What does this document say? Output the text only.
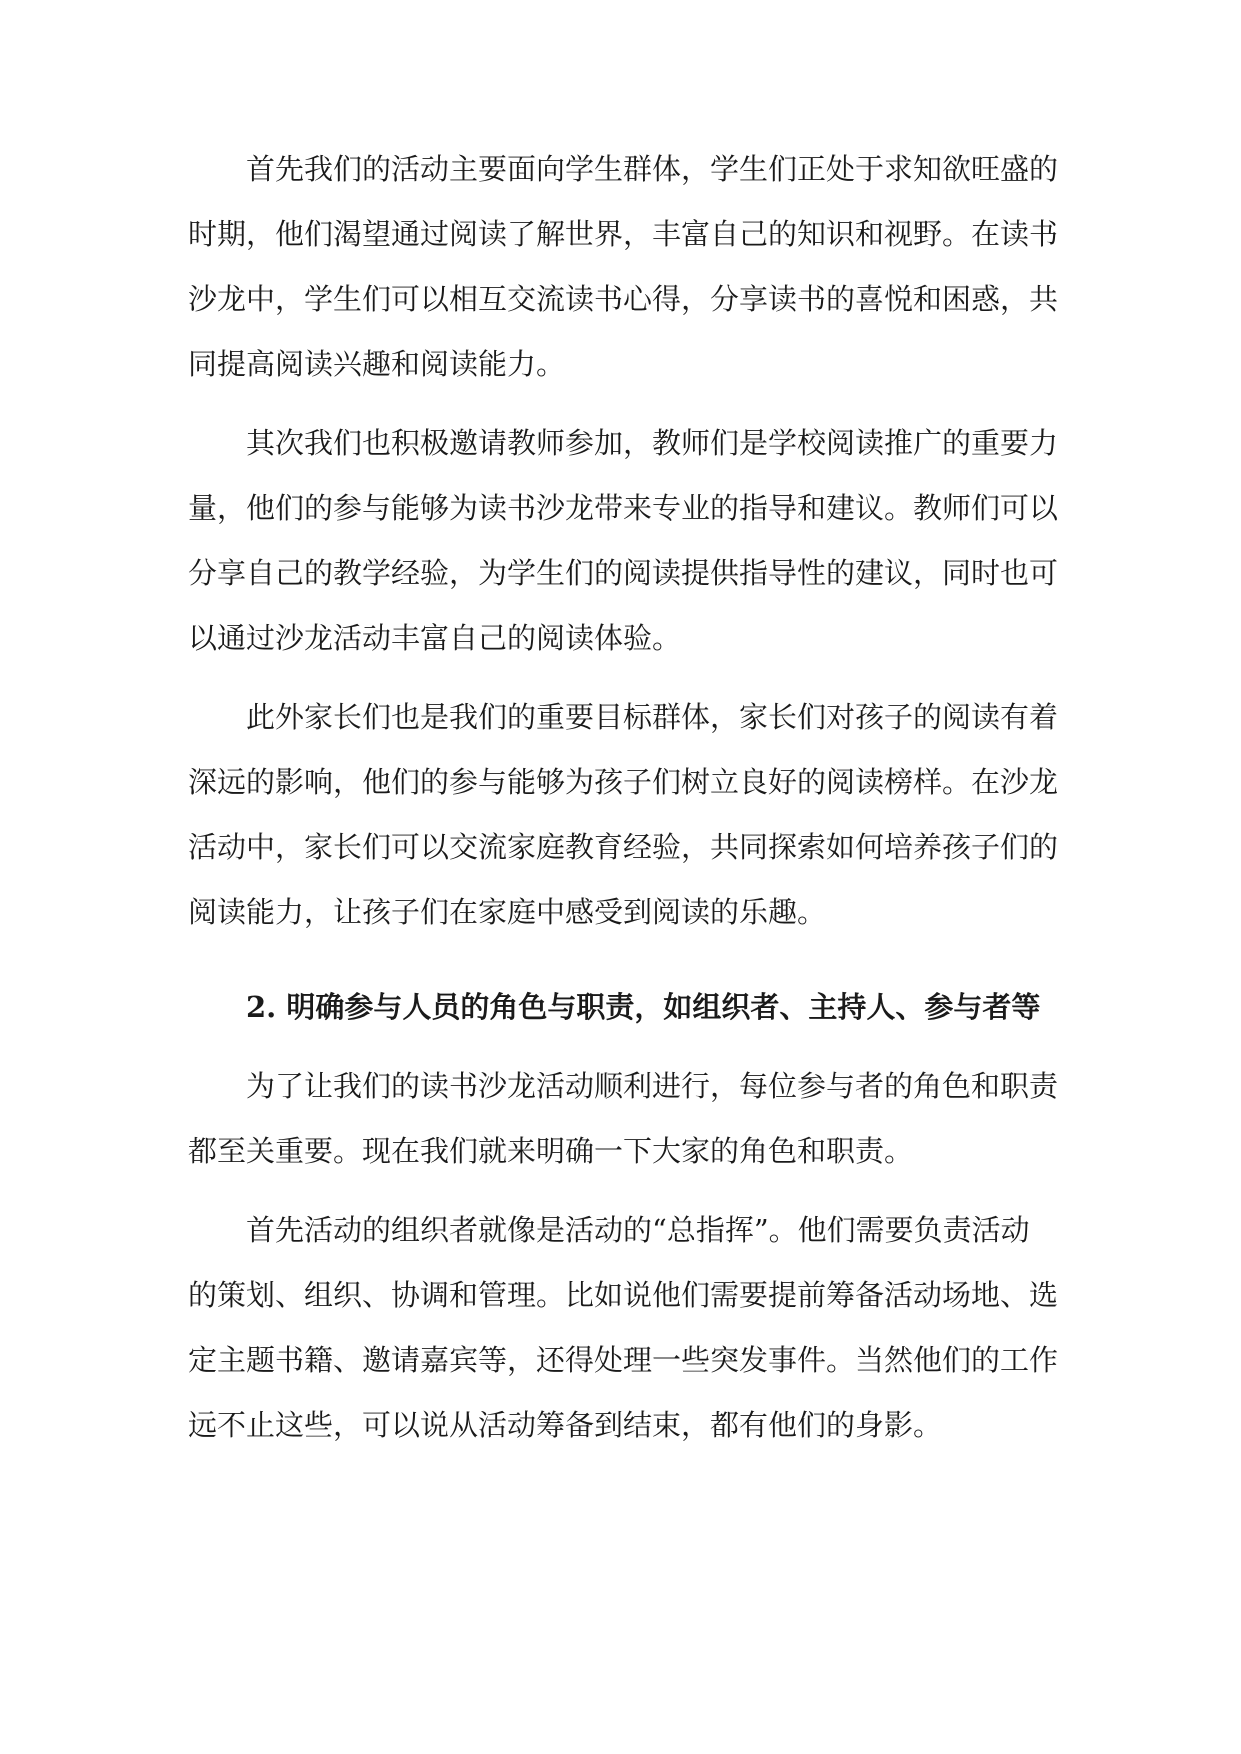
首先我们的活动主要面向学生群体，学生们正处于求知欲旺盛的
时期，他们渴望通过阅读了解世界，丰富自己的知识和视野。在读书
沙龙中，学生们可以相互交流读书心得，分享读书的喜悦和困惑，共
同提高阅读兴趣和阅读能力。
其次我们也积极邀请教师参加，教师们是学校阅读推广的重要力
量，他们的参与能够为读书沙龙带来专业的指导和建议。教师们可以
分享自己的教学经验，为学生们的阅读提供指导性的建议，同时也可
以通过沙龙活动丰富自己的阅读体验。
此外家长们也是我们的重要目标群体，家长们对孩子的阅读有着
深远的影响，他们的参与能够为孩子们树立良好的阅读榜样。在沙龙
活动中，家长们可以交流家庭教育经验，共同探索如何培养孩子们的
阅读能力，让孩子们在家庭中感受到阅读的乐趣。
2. 明确参与人员的角色与职责，如组织者、主持人、参与者等
为了让我们的读书沙龙活动顺利进行，每位参与者的角色和职责
都至关重要。现在我们就来明确一下大家的角色和职责。
首先活动的组织者就像是活动的“总指挥”。他们需要负责活动
的策划、组织、协调和管理。比如说他们需要提前筹备活动场地、选
定主题书籍、邀请嘉宾等，还得处理一些突发事件。当然他们的工作
远不止这些，可以说从活动筹备到结束，都有他们的身影。
